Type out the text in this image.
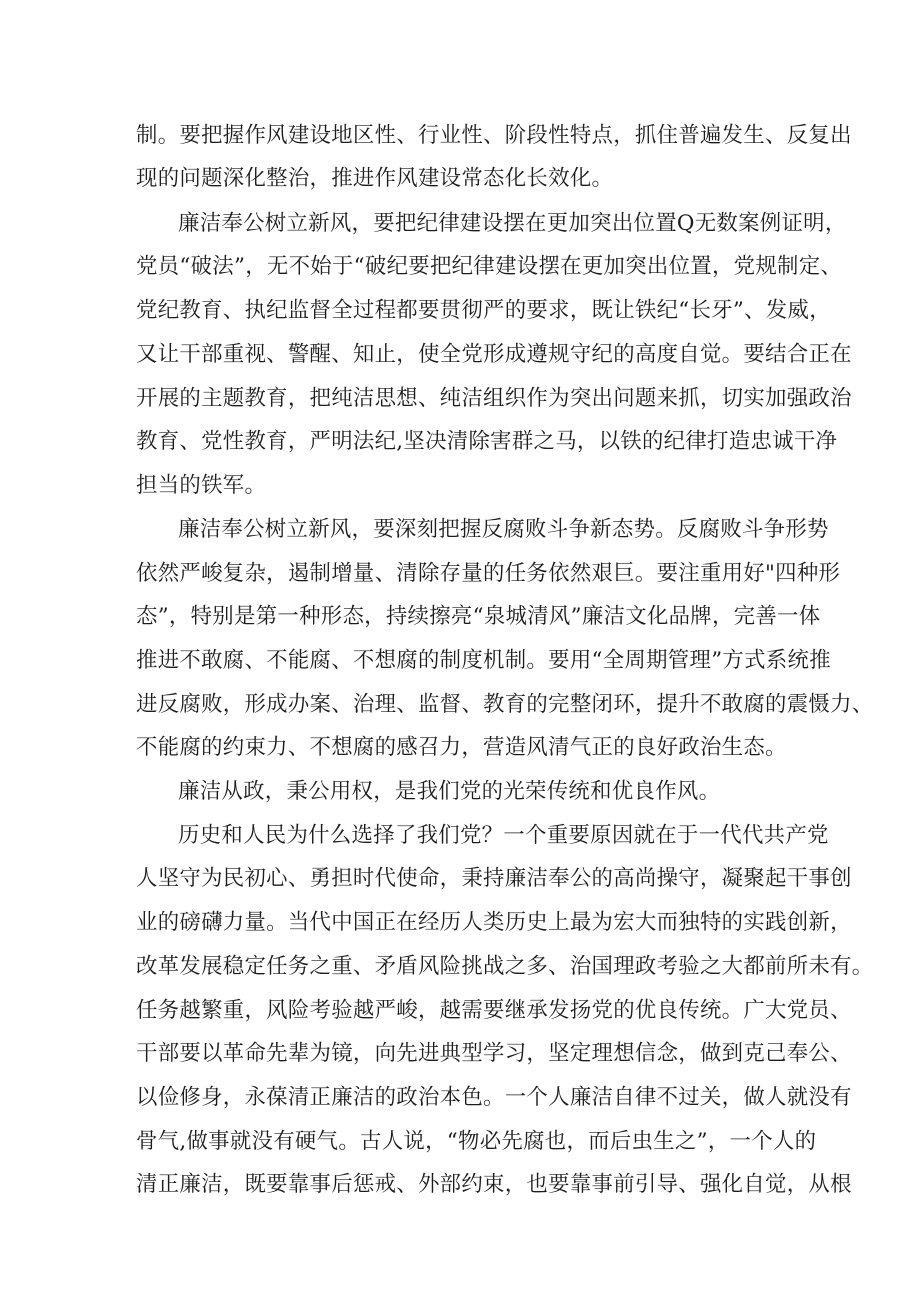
制。要把握作风建设地区性、行业性、阶段性特点，抓住普遍发生、反复出
现的问题深化整治，推进作风建设常态化长效化。
廉洁奉公树立新风，要把纪律建设摆在更加突出位置Q无数案例证明，
党员“破法”，无不始于“破纪要把纪律建设摆在更加突出位置，党规制定、
党纪教育、执纪监督全过程都要贯彻严的要求，既让铁纪“长牙”、发威，
又让干部重视、警醒、知止，使全党形成遵规守纪的高度自觉。要结合正在
开展的主题教育，把纯洁思想、纯洁组织作为突出问题来抓，切实加强政治
教育、党性教育，严明法纪,坚决清除害群之马，以铁的纪律打造忠诚干净
担当的铁军。
廉洁奉公树立新风，要深刻把握反腐败斗争新态势。反腐败斗争形势
依然严峻复杂，遏制增量、清除存量的任务依然艰巨。要注重用好"四种形
态”，特别是第一种形态，持续擦亮“泉城清风”廉洁文化品牌，完善一体
推进不敢腐、不能腐、不想腐的制度机制。要用“全周期管理”方式系统推
进反腐败，形成办案、治理、监督、教育的完整闭环，提升不敢腐的震慑力、
不能腐的约束力、不想腐的感召力，营造风清气正的良好政治生态。
廉洁从政，秉公用权，是我们党的光荣传统和优良作风。
历史和人民为什么选择了我们党？一个重要原因就在于一代代共产党
人坚守为民初心、勇担时代使命，秉持廉洁奉公的高尚操守，凝聚起干事创
业的磅礴力量。当代中国正在经历人类历史上最为宏大而独特的实践创新，
改革发展稳定任务之重、矛盾风险挑战之多、治国理政考验之大都前所未有。
任务越繁重，风险考验越严峻，越需要继承发扬党的优良传统。广大党员、
干部要以革命先辈为镜，向先进典型学习，坚定理想信念，做到克己奉公、
以俭修身，永葆清正廉洁的政治本色。一个人廉洁自律不过关，做人就没有
骨气,做事就没有硬气。古人说，“物必先腐也，而后虫生之”，一个人的
清正廉洁，既要靠事后惩戒、外部约束，也要靠事前引导、强化自觉，从根
